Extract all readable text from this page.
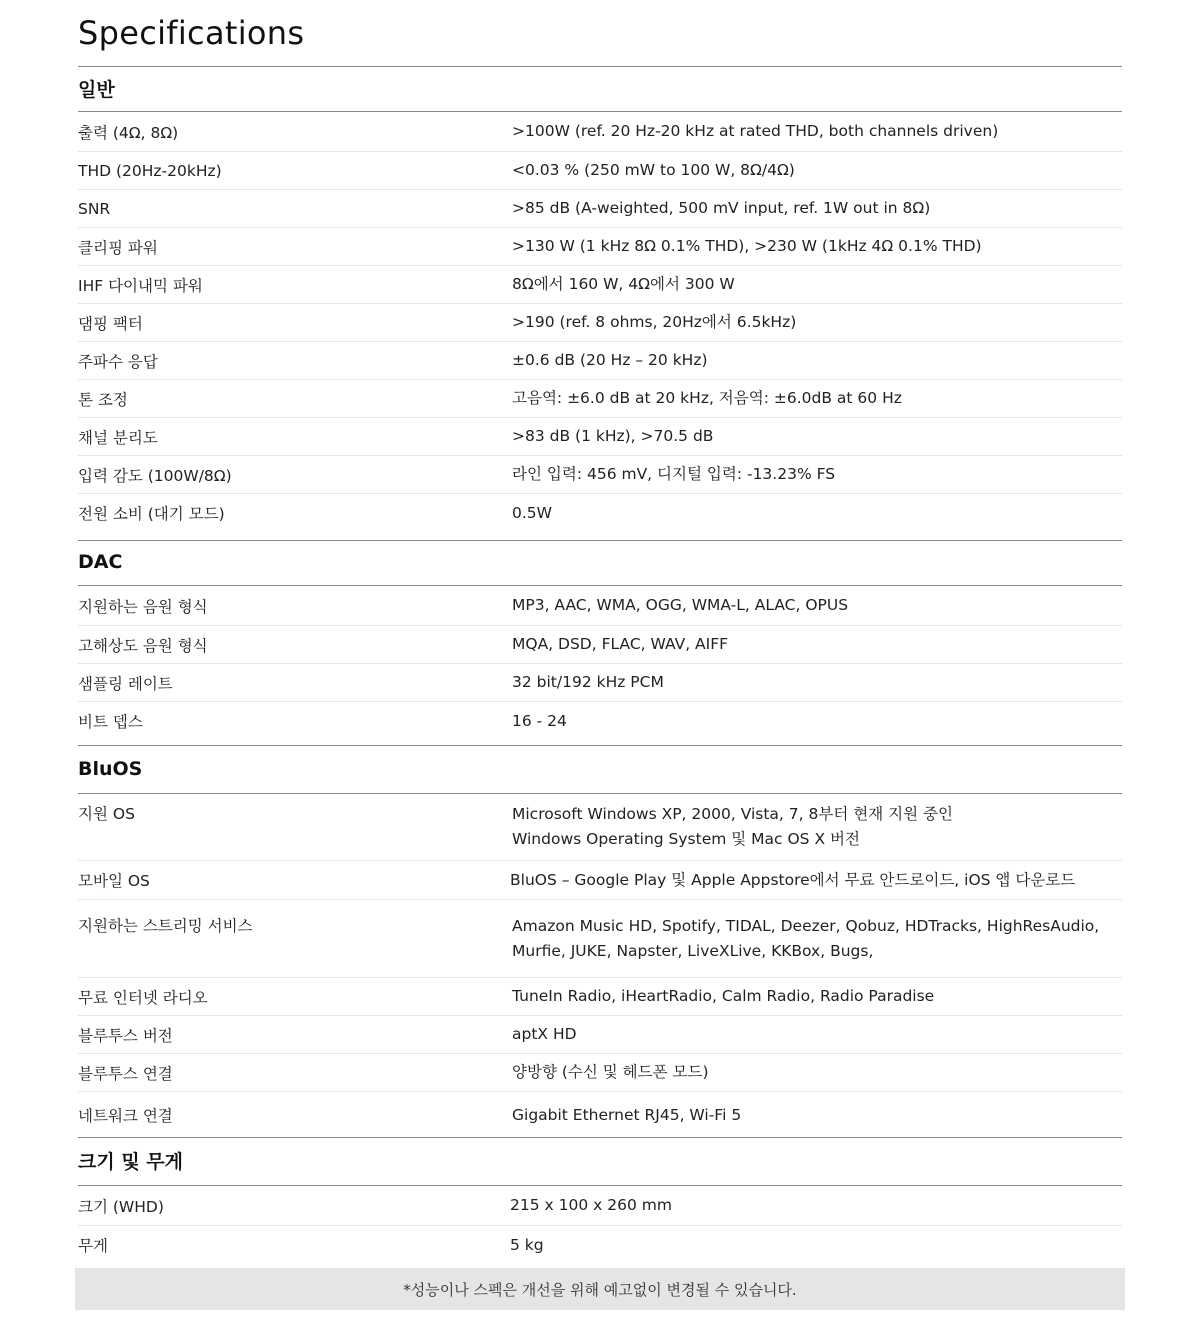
Specifications
일반
출력 (4Ω, 8Ω)	>100W (ref. 20 Hz-20 kHz at rated THD, both channels driven)
THD (20Hz-20kHz)	<0.03 % (250 mW to 100 W, 8Ω/4Ω)
SNR	>85 dB (A-weighted, 500 mV input, ref. 1W out in 8Ω)
클리핑 파워	>130 W (1 kHz 8Ω 0.1% THD), >230 W (1kHz 4Ω 0.1% THD)
IHF 다이내믹 파워	8Ω에서 160 W, 4Ω에서 300 W
댐핑 팩터	>190 (ref. 8 ohms, 20Hz에서 6.5kHz)
주파수 응답	±0.6 dB (20 Hz – 20 kHz)
톤 조정	고음역: ±6.0 dB at 20 kHz, 저음역: ±6.0dB at 60 Hz
채널 분리도	>83 dB (1 kHz), >70.5 dB
입력 감도 (100W/8Ω)	라인 입력: 456 mV, 디지털 입력: -13.23% FS
전원 소비 (대기 모드)	0.5W
DAC
지원하는 음원 형식	MP3, AAC, WMA, OGG, WMA-L, ALAC, OPUS
고해상도 음원 형식	MQA, DSD, FLAC, WAV, AIFF
샘플링 레이트	32 bit/192 kHz PCM
비트 뎁스	16 - 24
BluOS
지원 OS	Microsoft Windows XP, 2000, Vista, 7, 8부터 현재 지원 중인
Windows Operating System 및 Mac OS X 버전
모바일 OS	BluOS – Google Play 및 Apple Appstore에서 무료 안드로이드, iOS 앱 다운로드
지원하는 스트리밍 서비스	Amazon Music HD, Spotify, TIDAL, Deezer, Qobuz, HDTracks, HighResAudio,
Murfie, JUKE, Napster, LiveXLive, KKBox, Bugs,
무료 인터넷 라디오	TuneIn Radio, iHeartRadio, Calm Radio, Radio Paradise
블루투스 버전	aptX HD
블루투스 연결	양방향 (수신 및 헤드폰 모드)
네트워크 연결	Gigabit Ethernet RJ45, Wi-Fi 5
크기 및 무게
크기 (WHD)	215 x 100 x 260 mm
무게	5 kg
*성능이나 스펙은 개선을 위해 예고없이 변경될 수 있습니다.
